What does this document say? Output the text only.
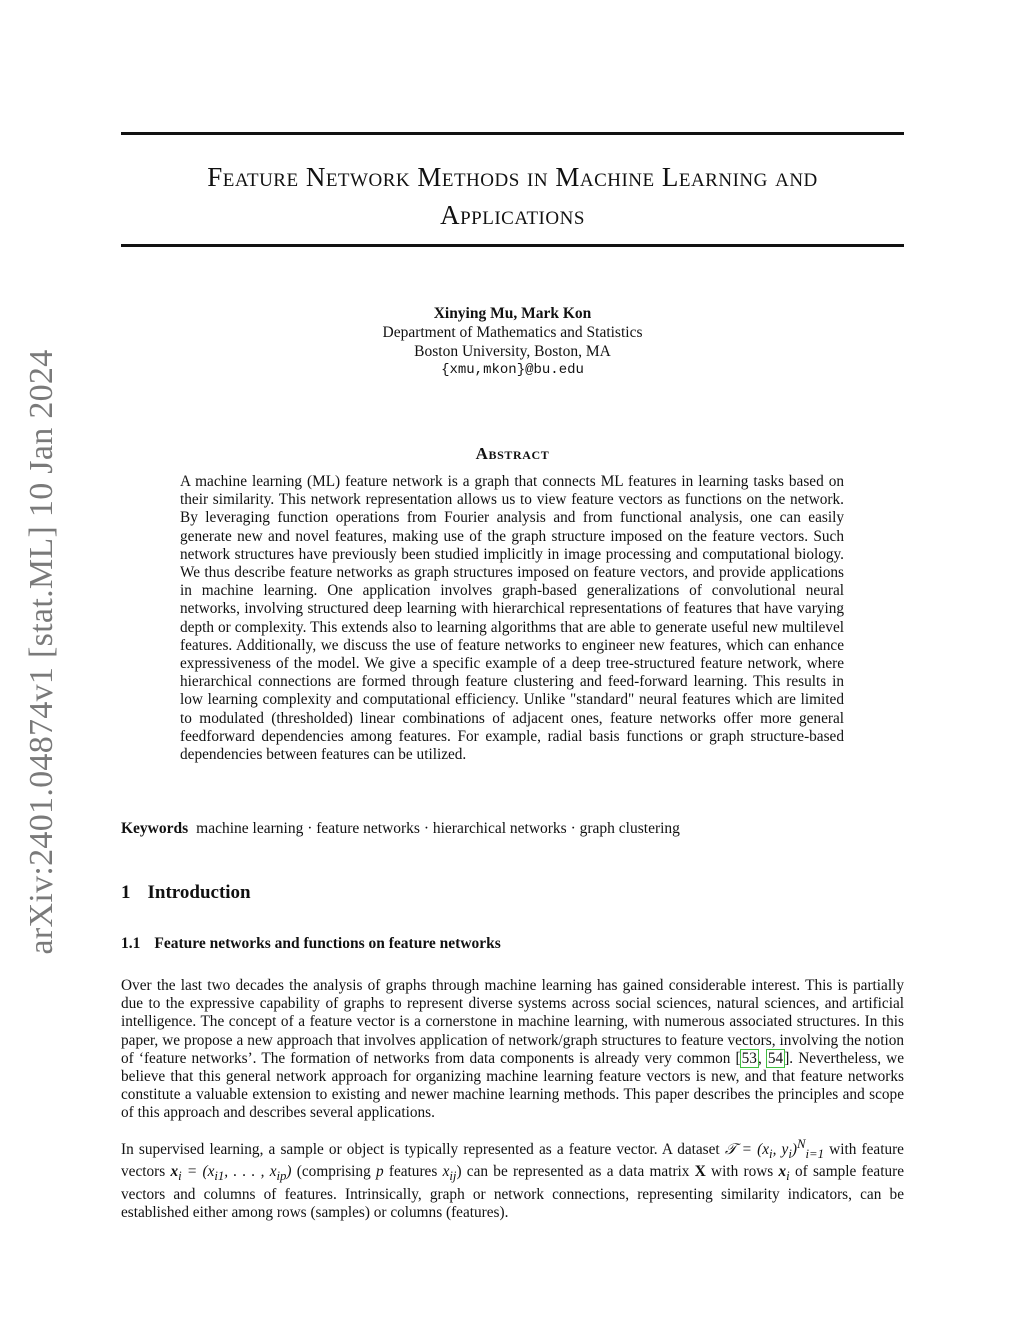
arXiv:2401.04874v1 [stat.ML] 10 Jan 2024
Feature Network Methods in Machine Learning and
Applications
Xinying Mu, Mark Kon
Department of Mathematics and Statistics
Boston University, Boston, MA
{xmu,mkon}@bu.edu
Abstract
A machine learning (ML) feature network is a graph that connects ML features in learning tasks based on their similarity. This network representation allows us to view feature vectors as functions on the network. By leveraging function operations from Fourier analysis and from functional analysis, one can easily generate new and novel features, making use of the graph structure imposed on the feature vectors. Such network structures have previously been studied implicitly in image processing and computational biology. We thus describe feature networks as graph structures imposed on feature vectors, and provide applications in machine learning. One application involves graph-based generalizations of convolutional neural networks, involving structured deep learning with hierarchical representations of features that have varying depth or complexity. This extends also to learning algorithms that are able to generate useful new multilevel features. Additionally, we discuss the use of feature networks to engineer new features, which can enhance expressiveness of the model. We give a specific example of a deep tree-structured feature network, where hierarchical connections are formed through feature clustering and feed-forward learning. This results in low learning complexity and computational efficiency. Unlike "standard" neural features which are limited to modulated (thresholded) linear combinations of adjacent ones, feature networks offer more general feedforward dependencies among features. For example, radial basis functions or graph structure-based dependencies between features can be utilized.
Keywords machine learning · feature networks · hierarchical networks · graph clustering
1 Introduction
1.1 Feature networks and functions on feature networks
Over the last two decades the analysis of graphs through machine learning has gained considerable interest. This is partially due to the expressive capability of graphs to represent diverse systems across social sciences, natural sciences, and artificial intelligence. The concept of a feature vector is a cornerstone in machine learning, with numerous associated structures. In this paper, we propose a new approach that involves application of network/graph structures to feature vectors, involving the notion of ‘feature networks’. The formation of networks from data components is already very common [53, 54]. Nevertheless, we believe that this general network approach for organizing machine learning feature vectors is new, and that feature networks constitute a valuable extension to existing and newer machine learning methods. This paper describes the principles and scope of this approach and describes several applications.
In supervised learning, a sample or object is typically represented as a feature vector. A dataset 𝒯 = ($x_i$, $y_i)^N_{i=1}$ with feature vectors $x_i = (x_{i1}$, . . . , $x_{ip}$) (comprising p features $x_{ij}$) can be represented as a data matrix X with rows $x_i$ of sample feature vectors and columns of features. Intrinsically, graph or network connections, representing similarity indicators, can be established either among rows (samples) or columns (features).
